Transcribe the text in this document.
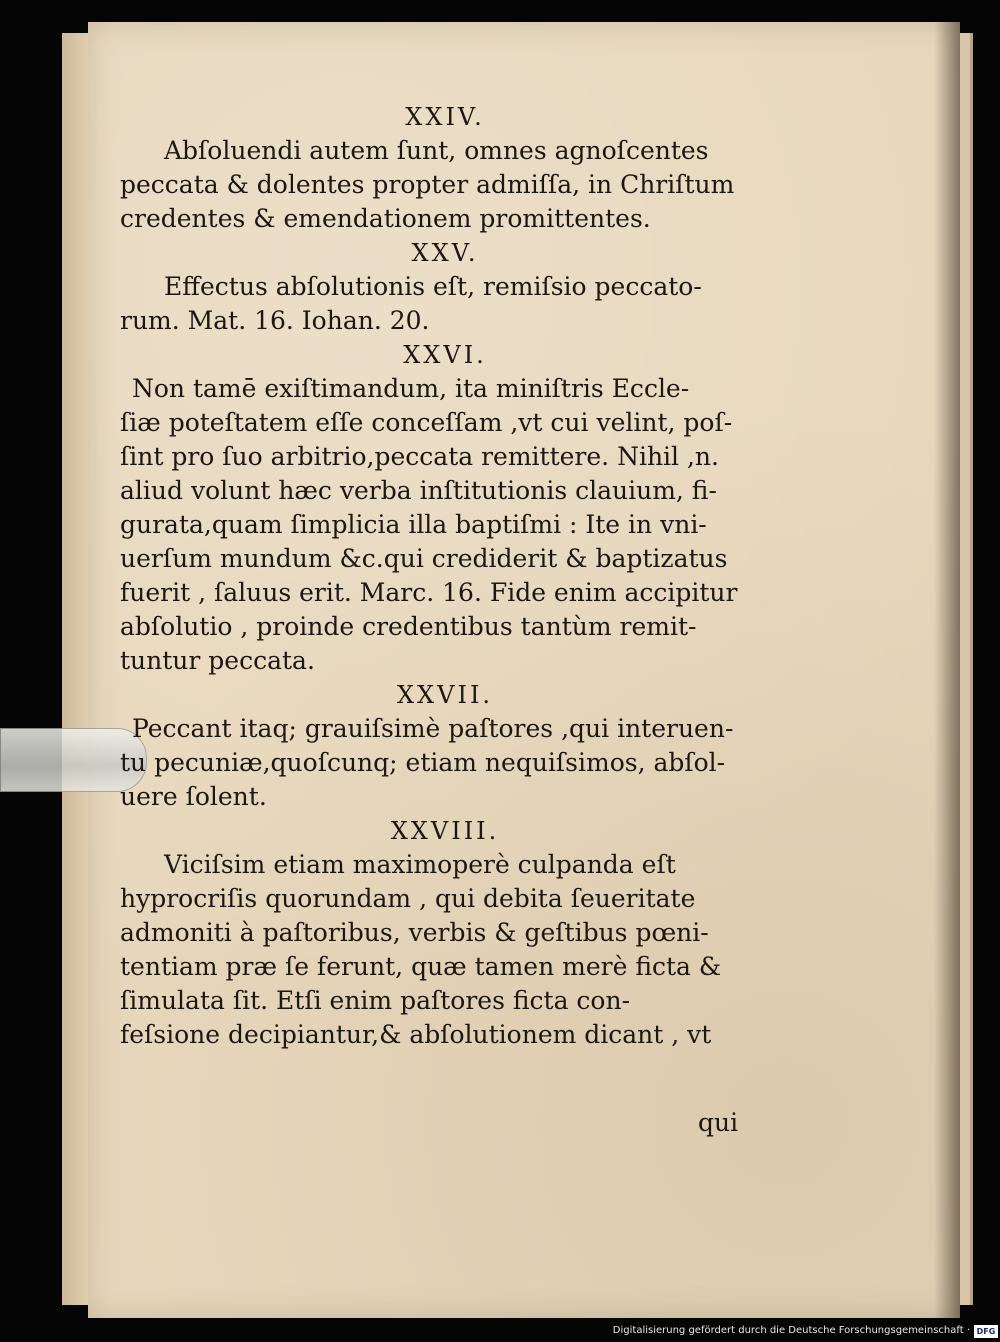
XXIV.

Abſoluendi autem ſunt, omnes agnoſcentes

peccata & dolentes propter admiſſa, in Chriſtum

credentes & emendationem promittentes.

XXV.

Effectus abſolutionis eſt, remiſsio peccato-

rum. Mat. 16. Iohan. 20.

XXVI.

Non tamē exiſtimandum, ita miniſtris Eccle-

ſiæ poteſtatem eſſe conceſſam ,vt cui velint, poſ-

ſint pro ſuo arbitrio,peccata remittere. Nihil ,n.

aliud volunt hæc verba inſtitutionis clauium, fi-

gurata,quam ſimplicia illa baptiſmi : Ite in vni-

uerſum mundum &c.qui crediderit & baptizatus

fuerit , ſaluus erit. Marc. 16. Fide enim accipitur

abſolutio , proinde credentibus tantùm remit-

tuntur peccata.

XXVII.

Peccant itaq; grauiſsimè paſtores ,qui interuen-

tu pecuniæ,quoſcunq; etiam nequiſsimos, abſol-

uere ſolent.

XXVIII.

Viciſsim etiam maximoperè culpanda eſt

hyprocriſis quorundam , qui debita ſeueritate

admoniti à paſtoribus, verbis & geſtibus pœni-

tentiam præ ſe ferunt, quæ tamen merè ficta &

ſimulata ſit. Etſi enim paſtores ficta con-

feſsione decipiantur,& abſolutionem dicant , vt

qui
Digitalisierung gefördert durch die Deutsche Forschungsgemeinschaft · DFG
